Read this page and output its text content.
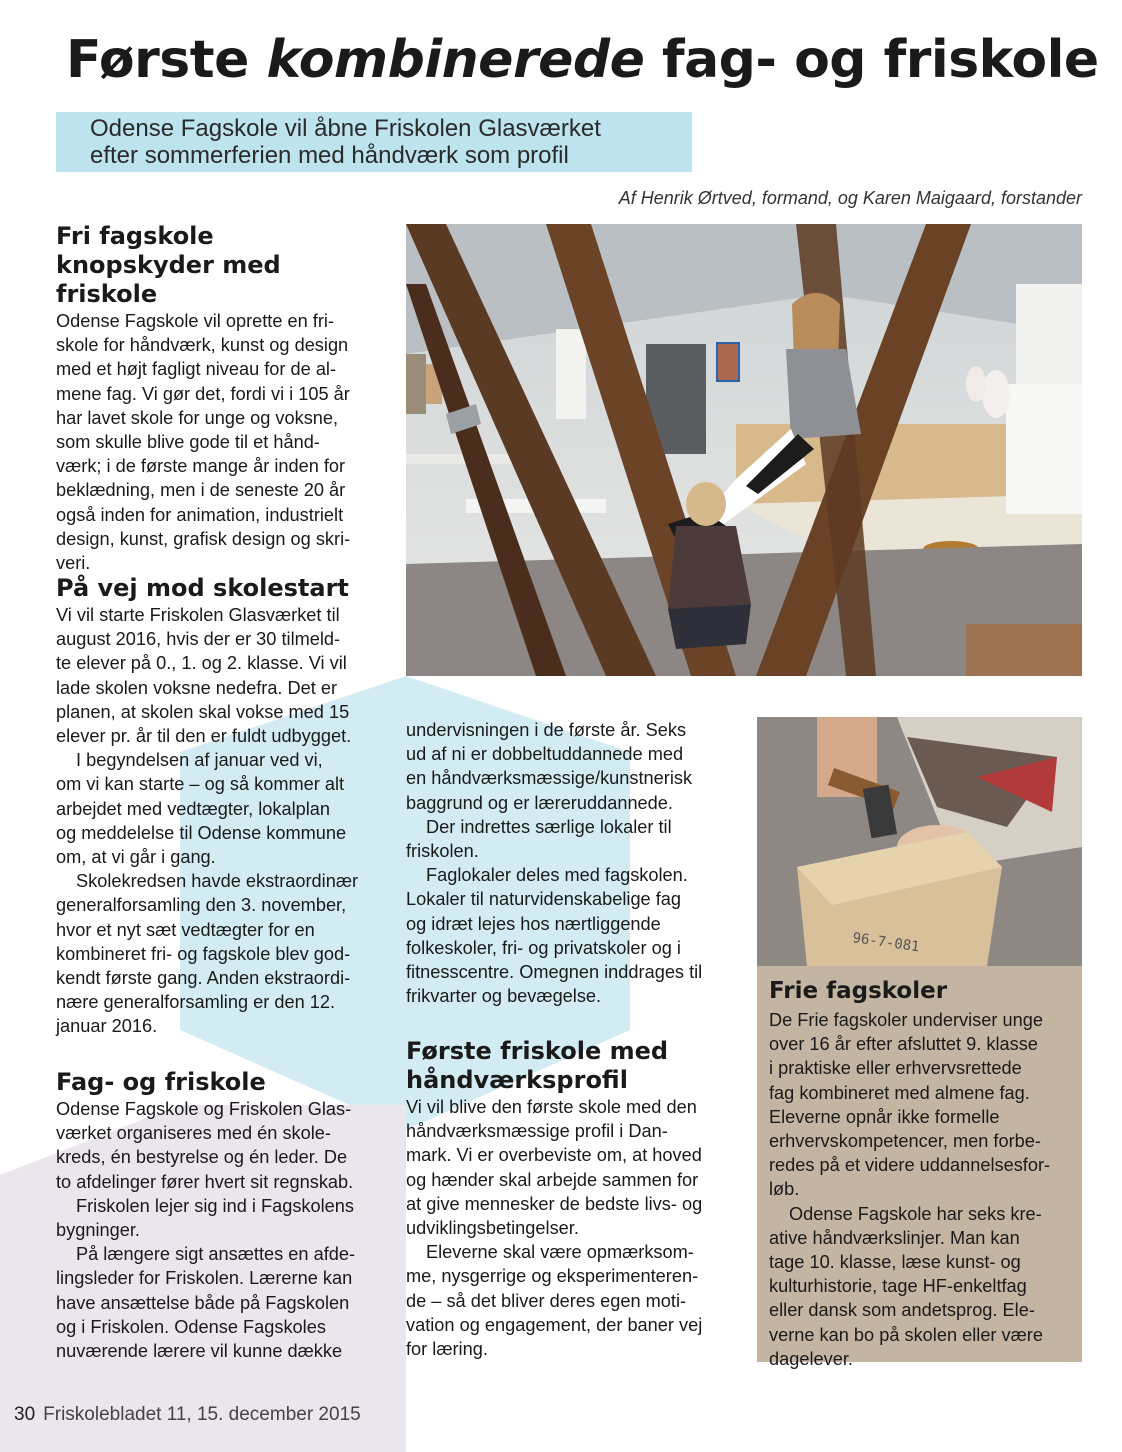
Første kombinerede fag- og friskole
Odense Fagskole vil åbne Friskolen Glasværket
efter sommerferien med håndværk som profil
Af Henrik Ørtved, formand, og Karen Maigaard, forstander
Fri fagskole
knopskyder med friskole

Odense Fagskole vil oprette en fri-
skole for håndværk, kunst og design
med et højt fagligt niveau for de al-
mene fag. Vi gør det, fordi vi i 105 år
har lavet skole for unge og voksne,
som skulle blive gode til et hånd-
værk; i de første mange år inden for
beklædning, men i de seneste 20 år
også inden for animation, industrielt
design, kunst, grafisk design og skri-
veri.

På vej mod skolestart

Vi vil starte Friskolen Glasværket til
august 2016, hvis der er 30 tilmeld-
te elever på 0., 1. og 2. klasse. Vi vil
lade skolen voksne nedefra. Det er
planen, at skolen skal vokse med 15
elever pr. år til den er fuldt udbygget.

I begyndelsen af januar ved vi,
om vi kan starte – og så kommer alt
arbejdet med vedtægter, lokalplan
og meddelelse til Odense kommune
om, at vi går i gang.

Skolekredsen havde ekstraordinær
generalforsamling den 3. november,
hvor et nyt sæt vedtægter for en
kombineret fri- og fagskole blev god-
kendt første gang. Anden ekstraordi-
nære generalforsamling er den 12.
januar 2016.

Fag- og friskole

Odense Fagskole og Friskolen Glas-
værket organiseres med én skole-
kreds, én bestyrelse og én leder. De
to afdelinger fører hvert sit regnskab.

Friskolen lejer sig ind i Fagskolens
bygninger.

På længere sigt ansættes en afde-
lingsleder for Friskolen. Lærerne kan
have ansættelse både på Fagskolen
og i Friskolen. Odense Fagskoles
nuværende lærere vil kunne dække

undervisningen i de første år. Seks
ud af ni er dobbeltuddannede med
en håndværksmæssige/kunstnerisk
baggrund og er læreruddannede.

Der indrettes særlige lokaler til
friskolen.

Faglokaler deles med fagskolen.
Lokaler til naturvidenskabelige fag
og idræt lejes hos nærtliggende
folkeskoler, fri- og privatskoler og i
fitnesscentre. Omegnen inddrages til
frikvarter og bevægelse.

Første friskole med
håndværksprofil

Vi vil blive den første skole med den
håndværksmæssige profil i Dan-
mark. Vi er overbeviste om, at hoved
og hænder skal arbejde sammen for
at give mennesker de bedste livs- og
udviklingsbetingelser.

Eleverne skal være opmærksom-
me, nysgerrige og eksperimenteren-
de – så det bliver deres egen moti-
vation og engagement, der baner vej
for læring.

96-7-081
Frie fagskoler

De Frie fagskoler underviser unge
over 16 år efter afsluttet 9. klasse
i praktiske eller erhvervsrettede
fag kombineret med almene fag.
Eleverne opnår ikke formelle
erhvervskompetencer, men forbe-
redes på et videre uddannelsesfor-
løb.

Odense Fagskole har seks kre-
ative håndværkslinjer. Man kan
tage 10. klasse, læse kunst- og
kulturhistorie, tage HF-enkeltfag
eller dansk som andetsprog. Ele-
verne kan bo på skolen eller være
dagelever.

30 Friskolebladet 11, 15. december 2015
